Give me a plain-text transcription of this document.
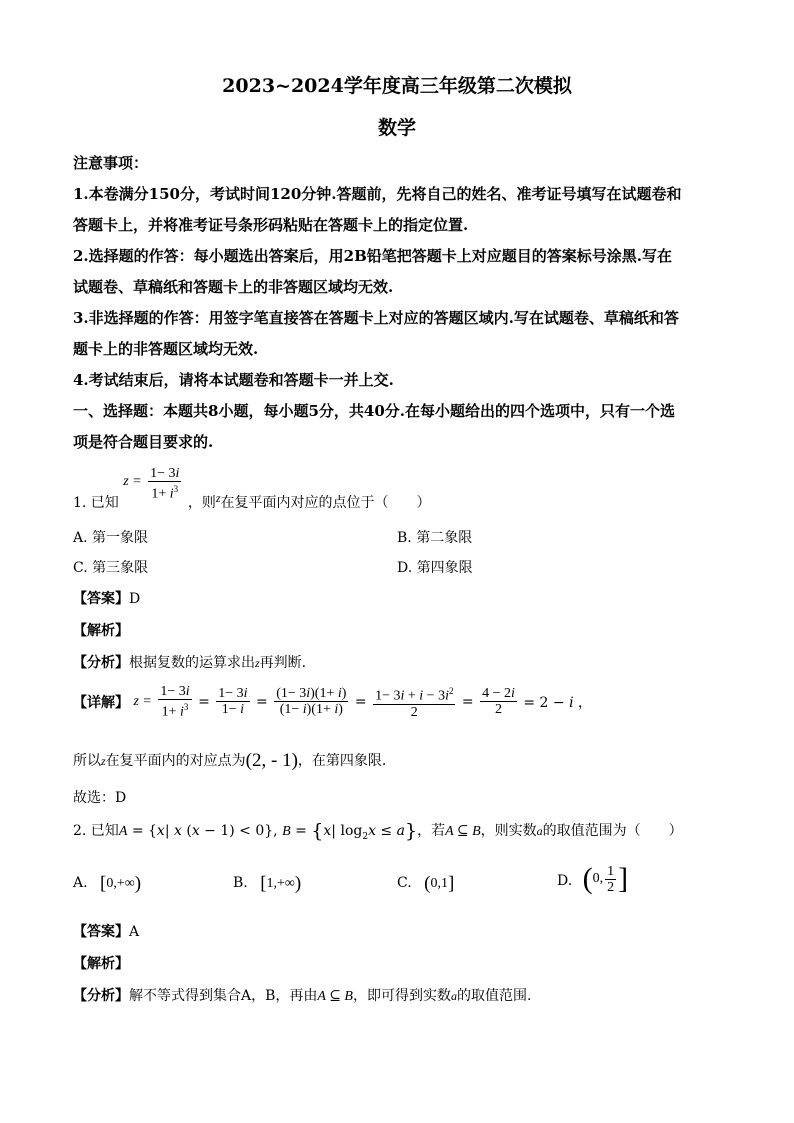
2023~2024学年度高三年级第二次模拟
数学
注意事项：
1.本卷满分150分，考试时间120分钟.答题前，先将自己的姓名、准考证号填写在试题卷和
答题卡上，并将准考证号条形码粘贴在答题卡上的指定位置.
2.选择题的作答：每小题选出答案后，用2B铅笔把答题卡上对应题目的答案标号涂黑.写在
试题卷、草稿纸和答题卡上的非答题区域均无效.
3.非选择题的作答：用签字笔直接答在答题卡上对应的答题区域内.写在试题卷、草稿纸和答
题卡上的非答题区域均无效.
4.考试结束后，请将本试题卷和答题卡一并上交.
一、选择题：本题共8小题，每小题5分，共40分.在每小题给出的四个选项中，只有一个选
项是符合题目要求的.
1. 已知 $z = \frac{1- 3i}{1+ i^3}$
，则z在复平面内对应的点位于（　　）
A. 第一象限	B. 第二象限
C. 第三象限	D. 第四象限
【答案】D
【解析】
【分析】根据复数的运算求出z再判断.
【详解】 $z = \frac{1- 3i}{1+ i^3} = \frac{1- 3i}{1- i} = \frac{(1- 3i)(1+ i)}{(1- i)(1+ i)} = \frac{1- 3i + i - 3i^2}{2} = \frac{4 - 2i}{2} = 2 - i$ ，
所以z在复平面内的对应点为(2, - 1)，在第四象限.
故选：D
2. 已知A = {x| x (x − 1) < 0}, B = {x| $\log_2x \le a$}，若A ⊆ B，则实数a的取值范围为（　　）
A. [0,+∞)	B. [1,+∞)	C. (0,1]	D. (0, $\frac{1}{2}$ ]
【答案】A
【解析】
【分析】解不等式得到集合A，B，再由A ⊆ B，即可得到实数a的取值范围.
